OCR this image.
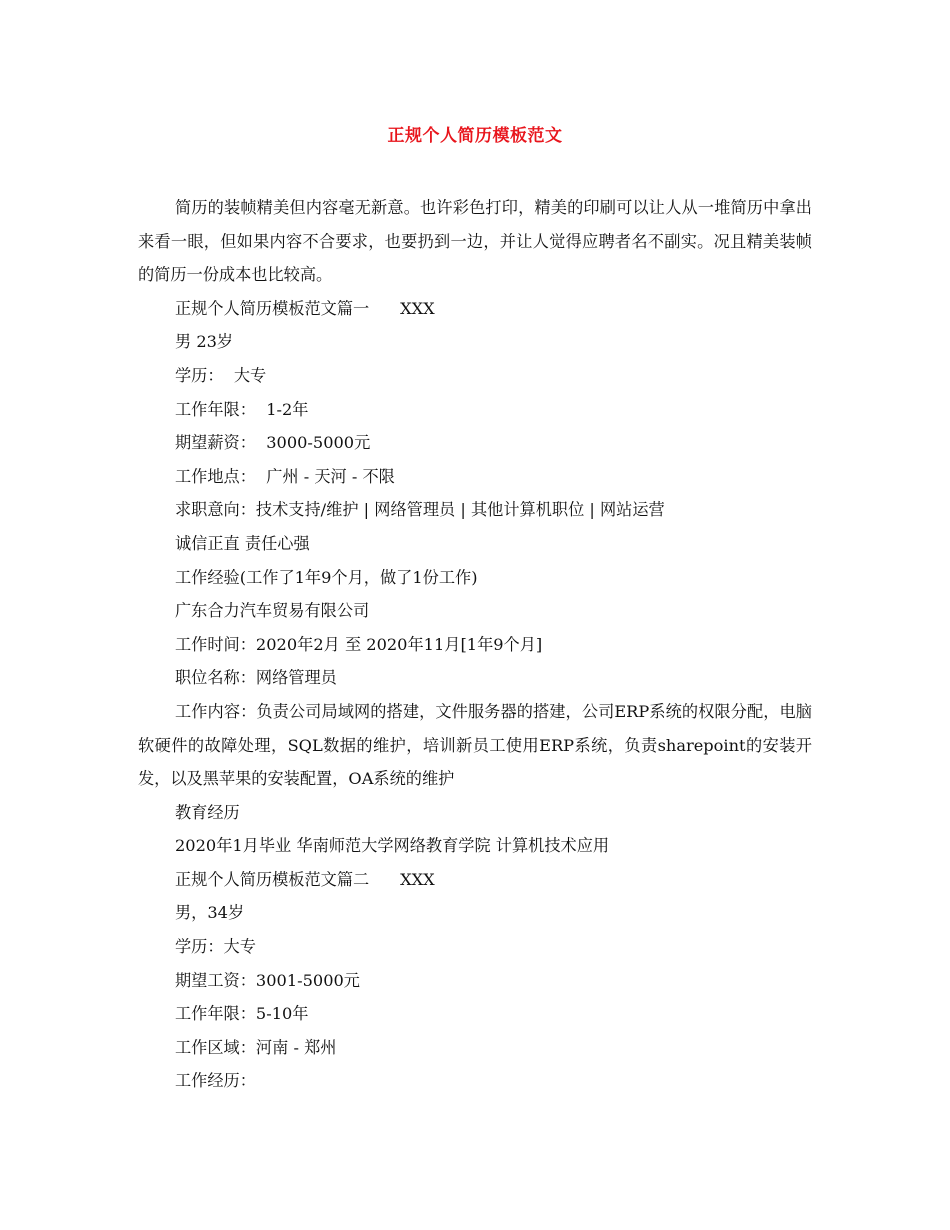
正规个人简历模板范文

简历的装帧精美但内容毫无新意。也许彩色打印，精美的印刷可以让人从一堆简历中拿出来看一眼，但如果内容不合要求，也要扔到一边，并让人觉得应聘者名不副实。况且精美装帧的简历一份成本也比较高。

正规个人简历模板范文篇一      XXX

男 23岁

学历：  大专

工作年限：  1-2年

期望薪资：  3000-5000元

工作地点：  广州 - 天河 - 不限

求职意向：技术支持/维护 | 网络管理员 | 其他计算机职位 | 网站运营

诚信正直 责任心强

工作经验(工作了1年9个月，做了1份工作)

广东合力汽车贸易有限公司

工作时间：2020年2月 至 2020年11月[1年9个月]

职位名称：网络管理员

工作内容：负责公司局域网的搭建，文件服务器的搭建，公司ERP系统的权限分配，电脑软硬件的故障处理，SQL数据的维护，培训新员工使用ERP系统，负责sharepoint的安装开发，以及黑苹果的安装配置，OA系统的维护

教育经历

2020年1月毕业 华南师范大学网络教育学院 计算机技术应用

正规个人简历模板范文篇二      XXX

男，34岁

学历：大专

期望工资：3001-5000元

工作年限：5-10年

工作区域：河南 - 郑州

工作经历：
